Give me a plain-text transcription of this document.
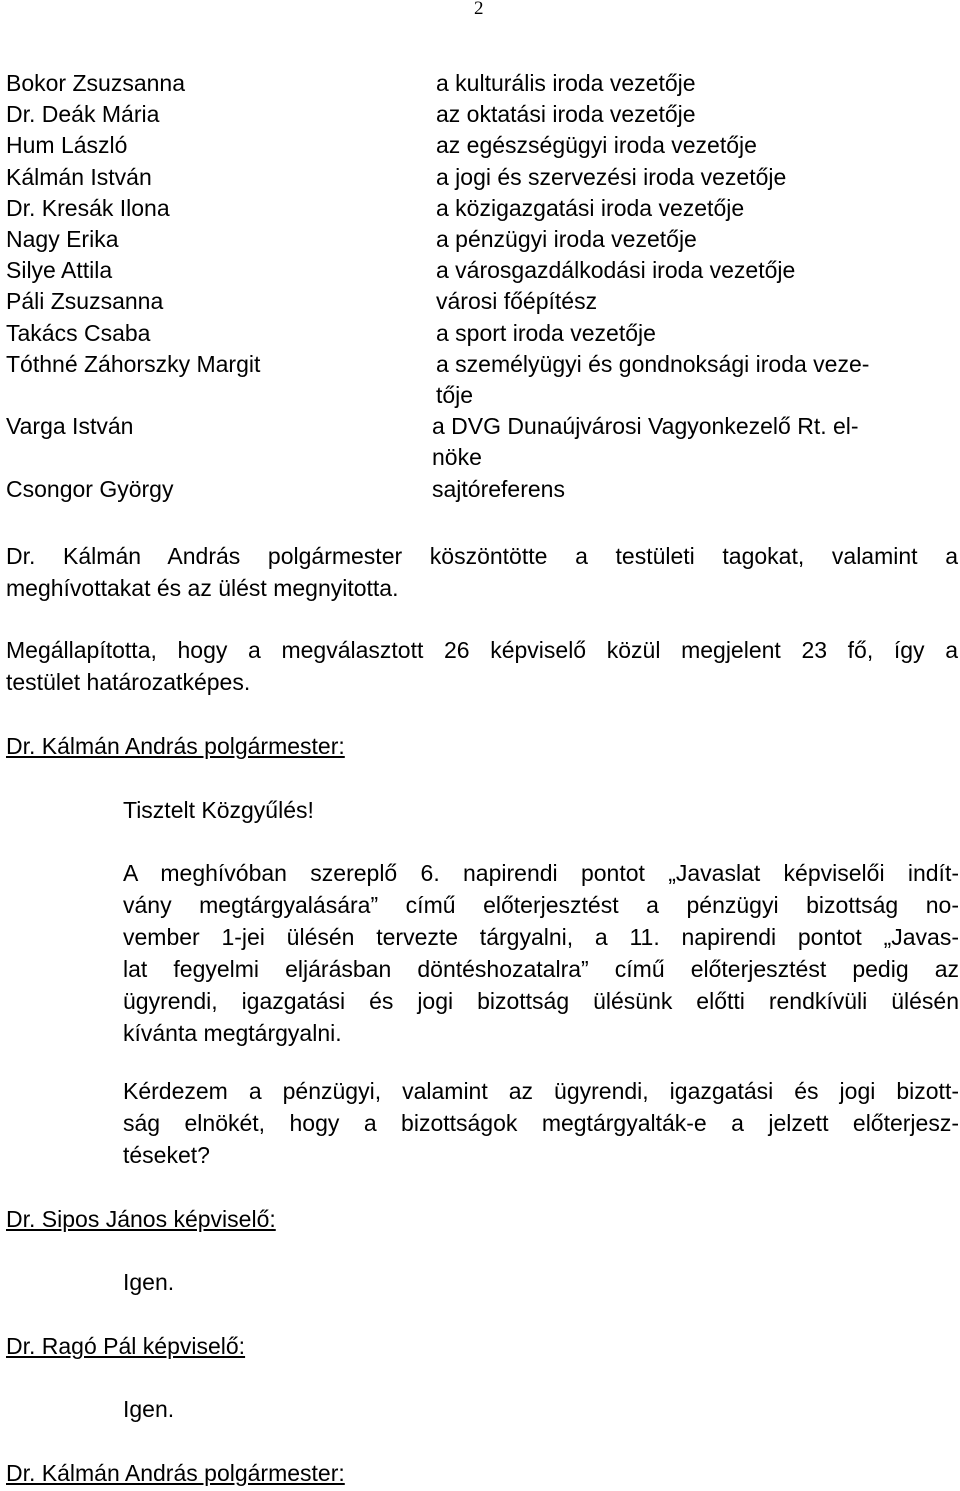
2
Bokor Zsuzsanna	a kulturális iroda vezetője
Dr. Deák Mária	az oktatási iroda vezetője
Hum László	az egészségügyi iroda vezetője
Kálmán István	a jogi és szervezési iroda vezetője
Dr. Kresák Ilona	a közigazgatási iroda vezetője
Nagy Erika	a pénzügyi iroda vezetője
Silye Attila	a városgazdálkodási iroda vezetője
Páli Zsuzsanna	városi főépítész
Takács Csaba	a sport iroda vezetője
Tóthné Záhorszky Margit	a személyügyi és gondnoksági iroda veze-
tője
Varga István	a DVG Dunaújvárosi Vagyonkezelő Rt. el-
nöke
Csongor György	sajtóreferens
Dr. Kálmán András polgármester köszöntötte a testületi tagokat, valamint a
meghívottakat és az ülést megnyitotta.
Megállapította, hogy a megválasztott 26 képviselő közül megjelent 23 fő, így a
testület határozatképes.
Dr. Kálmán András polgármester:
Tisztelt Közgyűlés!
A meghívóban szereplő 6. napirendi pontot „Javaslat képviselői indít-
vány megtárgyalására” című előterjesztést a pénzügyi bizottság no-
vember 1-jei ülésén tervezte tárgyalni, a 11. napirendi pontot „Javas-
lat fegyelmi eljárásban döntéshozatalra” című előterjesztést pedig az
ügyrendi, igazgatási és jogi bizottság ülésünk előtti rendkívüli ülésén
kívánta megtárgyalni.
Kérdezem a pénzügyi, valamint az ügyrendi, igazgatási és jogi bizott-
ság elnökét, hogy a bizottságok megtárgyalták-e a jelzett előterjesz-
téseket?
Dr. Sipos János képviselő:
Igen.
Dr. Ragó Pál képviselő:
Igen.
Dr. Kálmán András polgármester:
